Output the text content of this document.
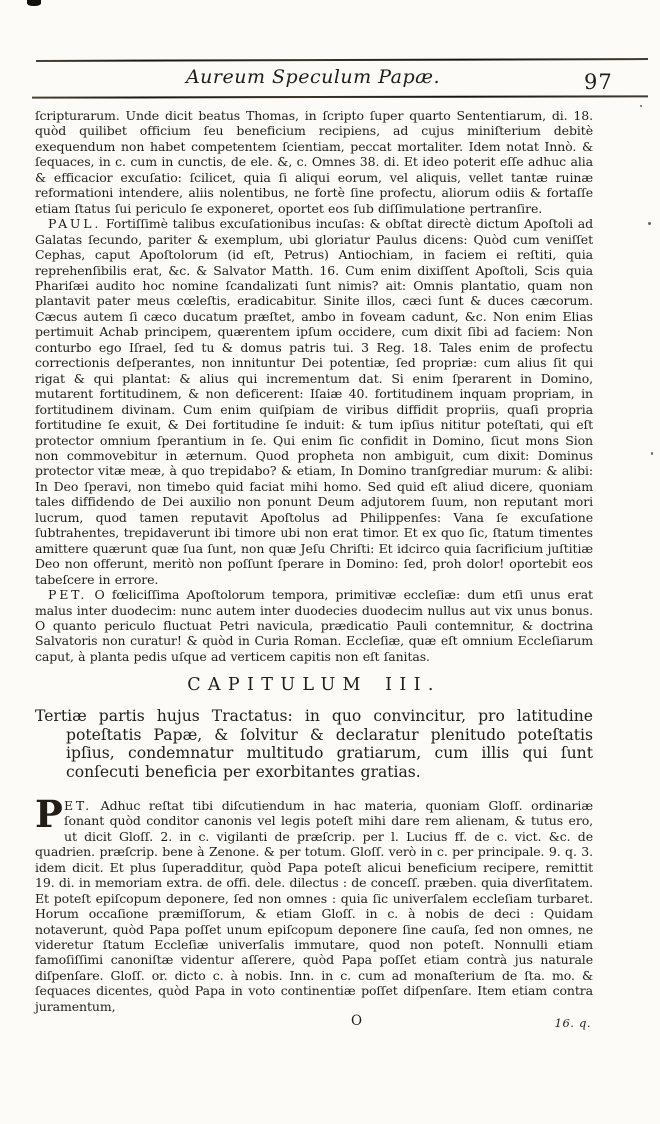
Aureum Speculum Papæ.	97

ſcripturarum. Unde dicit beatus Thomas, in ſcripto ſuper quarto Sententiarum, di. 18. quòd quilibet officium ſeu beneficium recipiens, ad cujus miniſterium debitè exequendum non habet competentem ſcientiam, peccat mortaliter. Idem notat Innò. & ſequaces, in c. cum in cunctis, de ele. &, c. Omnes 38. di. Et ideo poterit eſſe adhuc alia & efficacior excuſatio: ſcilicet, quia ſi aliqui eorum, vel aliquis, vellet tantæ ruinæ reformationi intendere, aliis nolentibus, ne fortè ſine profectu, aliorum odiis & fortaſſe etiam ſtatus ſui periculo ſe exponeret, oportet eos ſub diſſimulatione pertranſire.

PAUL. Fortiſſimè talibus excuſationibus incuſas: & obſtat directè dictum Apoſtoli ad Galatas ſecundo, pariter & exemplum, ubi gloriatur Paulus dicens: Quòd cum veniſſet Cephas, caput Apoſtolorum (id eſt, Petrus) Antiochiam, in faciem ei reſtiti, quia reprehenſibilis erat, &c. & Salvator Matth. 16. Cum enim dixiſſent Apoſtoli, Scis quia Phariſæi audito hoc nomine ſcandalizati ſunt nimis? ait: Omnis plantatio, quam non plantavit pater meus cœleſtis, eradicabitur. Sinite illos, cæci ſunt & duces cæcorum. Cæcus autem ſi cæco ducatum præſtet, ambo in foveam cadunt, &c. Non enim Elias pertimuit Achab principem, quærentem ipſum occidere, cum dixit ſibi ad faciem: Non conturbo ego Iſrael, ſed tu & domus patris tui. 3 Reg. 18. Tales enim de profectu correctionis deſperantes, non innituntur Dei potentiæ, ſed propriæ: cum alius ſit qui rigat & qui plantat: & alius qui incrementum dat. Si enim ſperarent in Domino, mutarent fortitudinem, & non deficerent: Iſaiæ 40. fortitudinem inquam propriam, in fortitudinem divinam. Cum enim quiſpiam de viribus diffidit propriis, quaſi propria fortitudine ſe exuit, & Dei fortitudine ſe induit: & tum ipſius nititur poteſtati, qui eſt protector omnium ſperantium in ſe. Qui enim ſic confidit in Domino, ſicut mons Sion non commovebitur in æternum. Quod propheta non ambiguit, cum dixit: Dominus protector vitæ meæ, à quo trepidabo? & etiam, In Domino tranſgrediar murum: & alibi: In Deo ſperavi, non timebo quid faciat mihi homo. Sed quid eſt aliud dicere, quoniam tales diffidendo de Dei auxilio non ponunt Deum adjutorem ſuum, non reputant mori lucrum, quod tamen reputavit Apoſtolus ad Philippenſes: Vana ſe excuſatione ſubtrahentes, trepidaverunt ibi timore ubi non erat timor. Et ex quo ſic, ſtatum timentes amittere quærunt quæ ſua ſunt, non quæ Jeſu Chriſti: Et idcirco quia ſacrificium juſtitiæ Deo non offerunt, meritò non poſſunt ſperare in Domino: ſed, proh dolor! oportebit eos tabeſcere in errore.

PET. O fœliciſſima Apoſtolorum tempora, primitivæ eccleſiæ: dum etſi unus erat malus inter duodecim: nunc autem inter duodecies duodecim nullus aut vix unus bonus. O quanto periculo fluctuat Petri navicula, prædicatio Pauli contemnitur, & doctrina Salvatoris non curatur! & quòd in Curia Roman. Eccleſiæ, quæ eſt omnium Eccleſiarum caput, à planta pedis uſque ad verticem capitis non eſt ſanitas.

CAPITULUM III.

Tertiæ partis hujus Tractatus: in quo convincitur, pro latitudine poteſtatis Papæ, & ſolvitur & declaratur plenitudo poteſtatis ipſius, condemnatur multitudo gratiarum, cum illis qui ſunt conſecuti beneficia per exorbitantes gratias.

PET. Adhuc reſtat tibi diſcutiendum in hac materia, quoniam Gloſſ. ordinariæ ſonant quòd conditor canonis vel legis poteſt mihi dare rem alienam, & tutus ero, ut dicit Gloſſ. 2. in c. vigilanti de præſcrip. per l. Lucius ff. de c. vict. &c. de quadrien. præſcrip. bene à Zenone. & per totum. Gloſſ. verò in c. per principale. 9. q. 3. idem dicit. Et plus ſuperadditur, quòd Papa poteſt alicui beneficium recipere, remittit 19. di. in memoriam extra. de offi. dele. dilectus : de conceſſ. præben. quia diverſitatem. Et poteſt epiſcopum deponere, ſed non omnes : quia ſic univerſalem eccleſiam turbaret. Horum occaſione præmiſſorum, & etiam Gloſſ. in c. à nobis de deci : Quidam notaverunt, quòd Papa poſſet unum epiſcopum deponere ſine cauſa, ſed non omnes, ne videretur ſtatum Eccleſiæ univerſalis immutare, quod non poteſt. Nonnulli etiam famoſiſſimi canoniſtæ videntur aſſerere, quòd Papa poſſet etiam contrà jus naturale diſpenſare. Gloſſ. or. dicto c. à nobis. Inn. in c. cum ad monaſterium de ſta. mo. & ſequaces dicentes, quòd Papa in voto continentiæ poſſet diſpenſare. Item etiam contra juramentum,

O	16. q.
